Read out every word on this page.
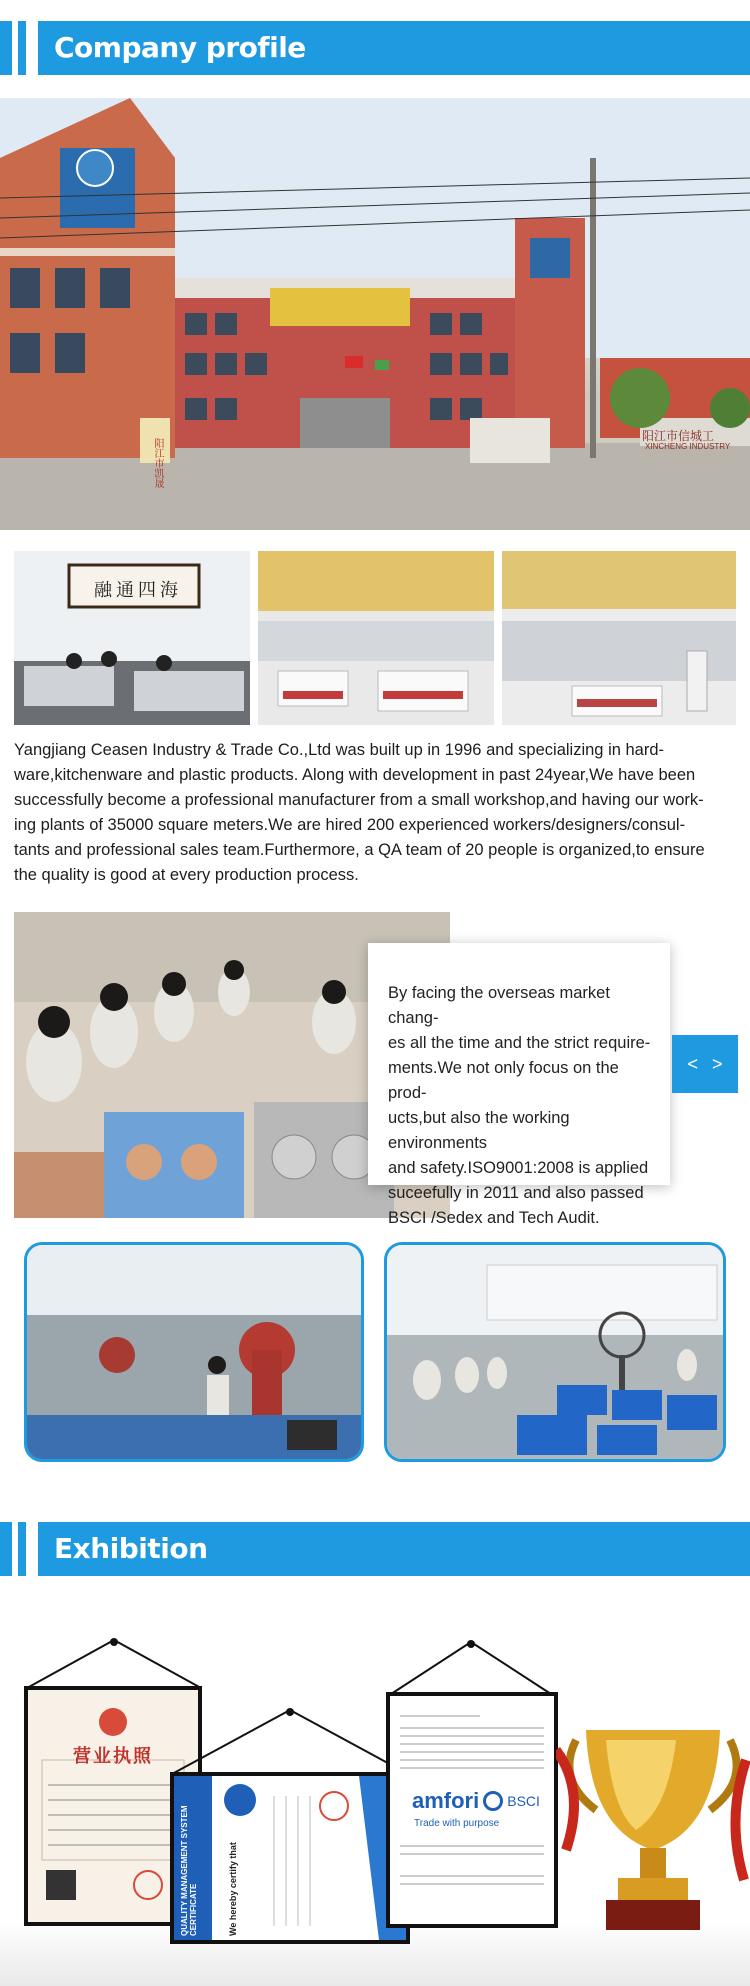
Company profile
阳江市凯晟
阳江市信城工
XINCHENG INDUSTRY
融通四海
Yangjiang Ceasen Industry & Trade Co.,Ltd was built up in 1996 and specializing in hard-
ware,kitchenware and plastic products. Along with development in past 24year,We have been
successfully become a professional manufacturer from a small workshop,and having our work-
ing plants of 35000 square meters.We are hired 200 experienced workers/designers/consul-
tants and professional sales team.Furthermore, a QA team of 20 people is organized,to ensure
the quality is good at every production process.
By facing the overseas market chang-
es all the time and the strict require-
ments.We not only focus on the prod-
ucts,but also the working environments
and safety.ISO9001:2008 is applied
suceefully in 2011 and also passed
BSCI /Sedex and Tech Audit.
< >
Exhibition
营业执照
QUALITY MANAGEMENT SYSTEM CERTIFICATE	We hereby certify that
amfori BSCI
Trade with purpose
